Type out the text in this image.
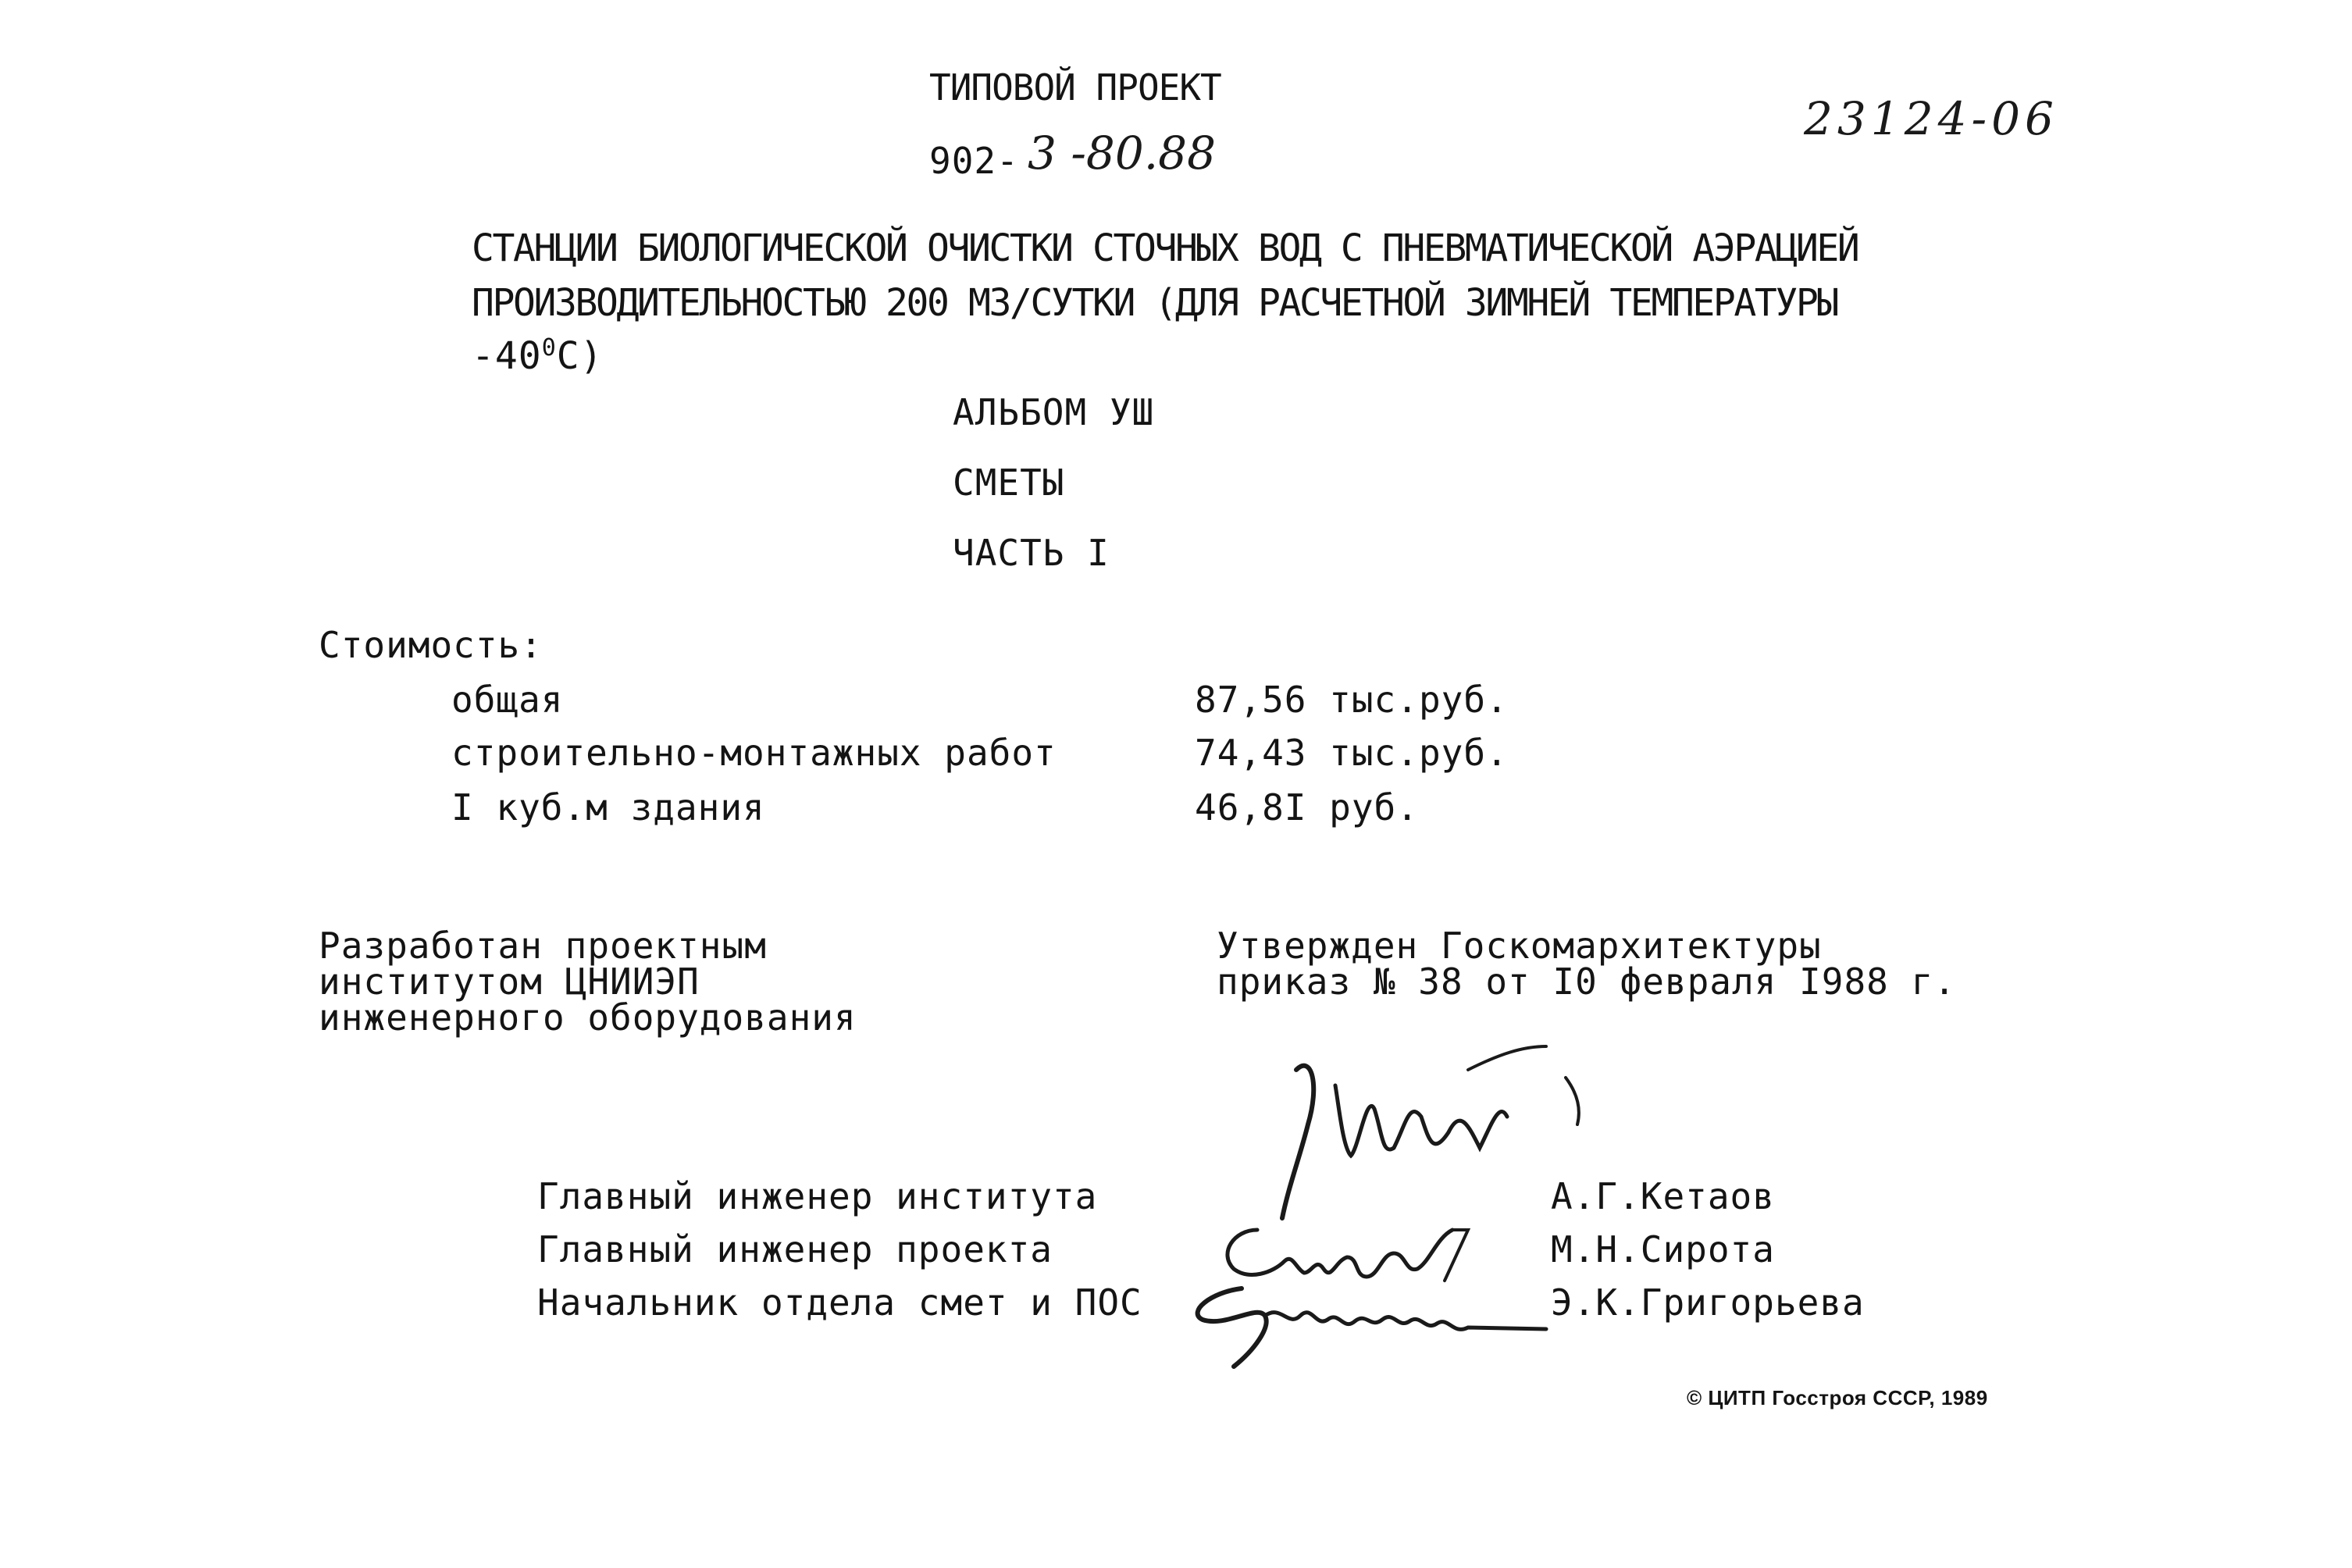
ТИПОВОЙ ПРОЕКТ
902- 3 -80.88
23124-06
СТАНЦИИ БИОЛОГИЧЕСКОЙ ОЧИСТКИ СТОЧНЫХ ВОД С ПНЕВМАТИЧЕСКОЙ АЭРАЦИЕЙ
ПРОИЗВОДИТЕЛЬНОСТЬЮ 200 МЗ/СУТКИ (ДЛЯ РАСЧЕТНОЙ ЗИМНЕЙ ТЕМПЕРАТУРЫ
$-40^0С$)
АЛЬБОМ УШ
СМЕТЫ
ЧАСТЬ I
Стоимость:
общая	87,56 тыс.руб.
строительно-монтажных работ	74,43 тыс.руб.
I куб.м здания	46,8I руб.
Разработан проектным
институтом ЦНИИЭП
инженерного оборудования
Утвержден Госкомархитектуры
приказ № 38 от I0 февраля I988 г.
Главный инженер института	А.Г.Кетаов
Главный инженер проекта	М.Н.Сирота
Начальник отдела смет и ПОС	Э.К.Григорьева
© ЦИТП Госстроя СССР, 1989
